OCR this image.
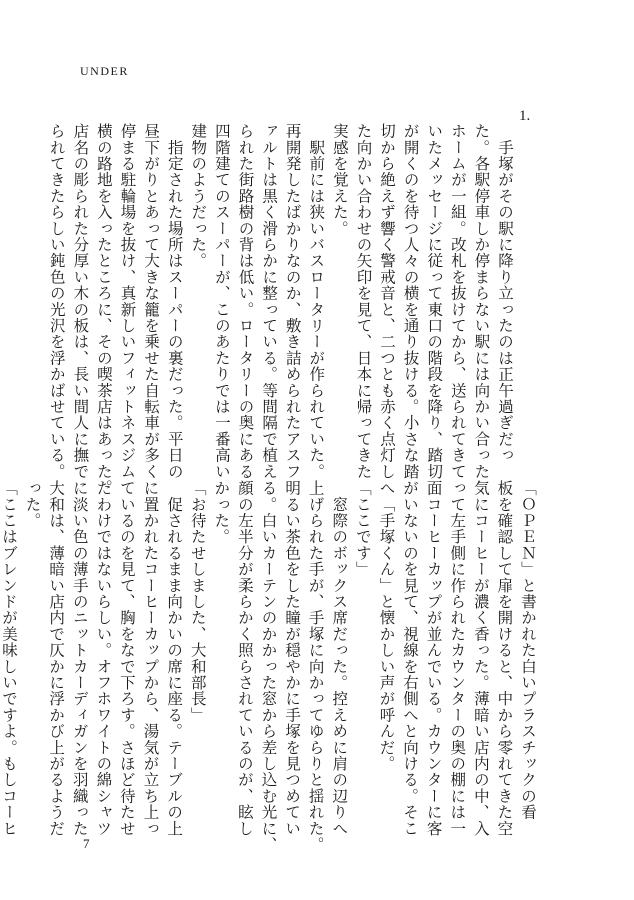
UNDER
1.

　手塚がその駅に降り立ったのは正午過ぎだっ

た。各駅停車しか停まらない駅には向かい合った

ホームが一組。改札を抜けてから、送られてきて

いたメッセージに従って東口の階段を降り、踏切

が開くのを待つ人々の横を通り抜ける。小さな踏

切から絶えず響く警戒音と、二つとも赤く点灯し

た向かい合わせの矢印を見て、日本に帰ってきた

実感を覚えた。

　駅前には狭いバスロータリーが作られていた。

再開発したばかりなのか、敷き詰められたアスフ

ァルトは黒く滑らかに整っている。等間隔で植え

られた街路樹の背は低い。ロータリーの奥にある

四階建てのスーパーが、このあたりでは一番高い

建物のようだった。

　指定された場所はスーパーの裏だった。平日の

昼下がりとあって大きな籠を乗せた自転車が多く

停まる駐輪場を抜け、真新しいフィットネスジム

横の路地を入ったところに、その喫茶店はあった。

店名の彫られた分厚い木の板は、長い間人に撫で

られてきたらしい鈍色の光沢を浮かばせている。

「ＯＰＥＮ」と書かれた白いプラスチックの看

板を確認して扉を開けると、中から零れてきた空

気にコーヒーが濃く香った。薄暗い店内の中、入

って左手側に作られたカウンターの奥の棚には一

面コーヒーカップが並んでいる。カウンターに客

がいないのを見て、視線を右側へと向ける。そこ

へ「手塚くん」と懐かしい声が呼んだ。

「ここです」

　窓際のボックス席だった。控えめに肩の辺りへ

上げられた手が、手塚に向かってゆらりと揺れた。

明るい茶色をした瞳が穏やかに手塚を見つめてい

る。白いカーテンのかかった窓から差し込む光に、

顔の左半分が柔らかく照らされているのが、眩し

かった。

「お待たせしました、大和部長」

　促されるまま向かいの席に座る。テーブルの上

に置かれたコーヒーカップから、湯気が立ち上っ

ているのを見て、胸をなで下ろす。さほど待たせ

たわけではないらしい。オフホワイトの綿シャツ

に淡い色の薄手のニットカーディガンを羽織った

大和は、薄暗い店内で仄かに浮かび上がるようだ

った。

「ここはブレンドが美味しいですよ。もしコーヒ

7
